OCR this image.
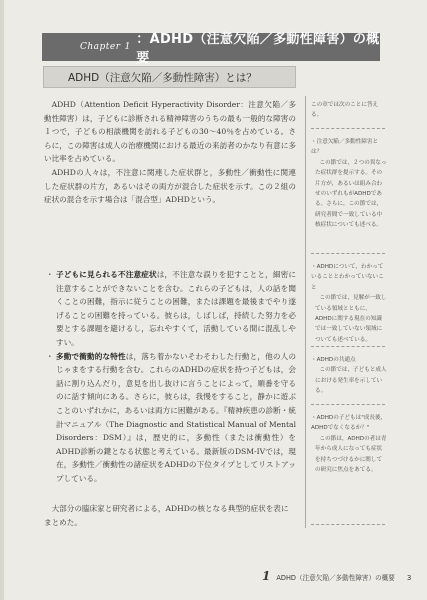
Chapter 1 ：ADHD（注意欠陥／多動性障害）の概要
ADHD（注意欠陥／多動性障害）とは？

ADHD（Attention Deficit Hyperactivity Disorder：注意欠陥／多動性障害）は，子どもに診断される精神障害のうちの最も一般的な障害の１つで，子どもの相談機関を訪れる子どもの30〜40％を占めている。さらに，この障害は成人の治療機関における最近の来訪者のかなり有意に多い比率を占めている。

ADHDの人々は，不注意に関連した症状群と，多動性／衝動性に関連した症状群の片方，あるいはその両方が混合した症状を示す。この２組の症状の混合を示す場合は「混合型」ADHDという。

・ 子どもに見られる不注意症状は，不注意な誤りを犯すことと，細密に注意することができないことを含む。これらの子どもは，人の話を聞くことの困難，指示に従うことの困難，または課題を最後までやり遂げることの困難を持っている。彼らは，しばしば，持続した努力を必要とする課題を避けるし，忘れやすくて，活動している間に混乱しやすい。
・ 多動で衝動的な特性は，落ち着かないそわそわした行動と，他の人のじゃまをする行動を含む。これらのADHDの症状を持つ子どもは，会話に割り込んだり，意見を出し抜けに言うことによって，順番を守るのに話す傾向にある。さらに，彼らは，我慢をすること，静かに遊ぶことのいずれかに，あるいは両方に困難がある。『精神疾患の診断・統計マニュアル（The Diagnostic and Statistical Manual of Mental Disorders：DSM）』は，歴史的に，多動性（または衝動性）をADHD診断の鍵となる状態と考えている。最新版のDSM-IVでは，現在，多動性／衝動性の諸症状をADHDの下位タイプとしてリストアップしている。

大部分の臨床家と研究者による，ADHDの核となる典型的症状を表にまとめた。

この章では次のことに答える。

・注意欠陥／多動性障害とは？

この節では，２つの異なった症状群を提示する。その片方が，あるいは組み合わせのいずれもがADHDである。さらに，この節では，研究者間で一致している中核症状についても述べる。

・ADHDについて，わかっていることとわかっていないこと

この節では，見解が一致している領域とともに，ADHDに関する現在の知識では一致していない領域についても述べている。

・ADHDの共通点

この節では，子どもと成人における発生率を示している。

・ADHDの子どもは"成長後，ADHDでなくなるか？"

この節は，ADHDの者は青年から成人になっても症状を持ちつづけるかに関しての研究に焦点をあてる。

1 ADHD（注意欠陥／多動性障害）の概要 3
